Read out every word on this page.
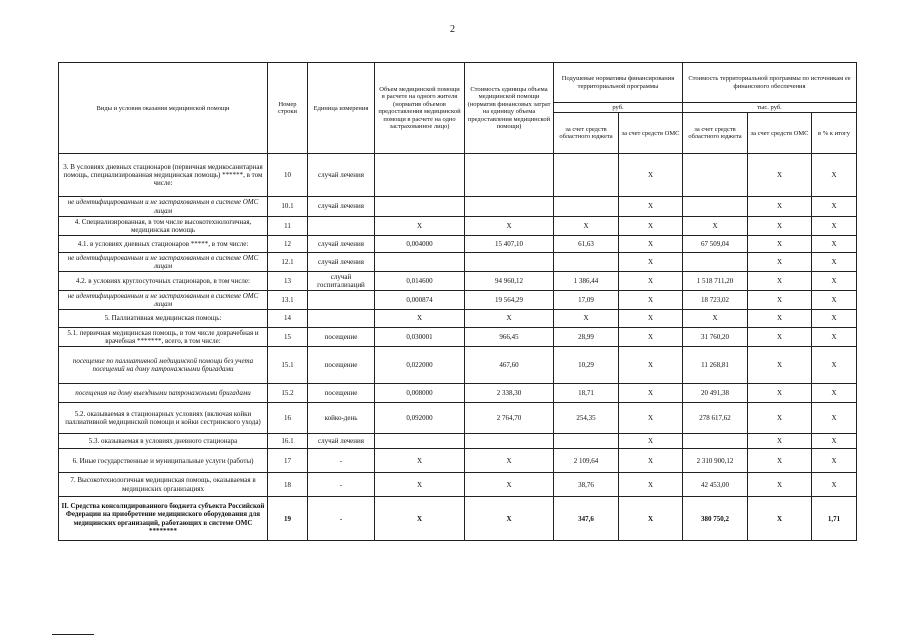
2
Виды и условия оказания медицинской помощи	Номер строки	Единица измерения	Объем медицинской помощи в расчете на одного жителя (норматив объемов предоставления медицинской помощи в расчете на одно застрахованное лицо)	Стоимость единицы объема медицинской помощи (норматив финансовых затрат на единицу объема предоставления медицинской помощи)	Подушевые нормативы финансирования территориальной программы		Стоимость территориальной программы по источникам ее финансового обеспечения		
					руб.		тыс. руб.		
					за счет средств областного юджета	за счет средств ОМС	за счет средств областного юджета	за счет средств ОМС	в % к итогу
3. В условиях дневных стационаров (первичная медикосанитарная помощь, специализированная медицинская помощь) ******, в том числе:	10	случай лечения				X		X	X
не идентифицированным и не застрахованным в системе ОМС лицам	10.1	случай лечения				X		X	X
4. Специализированная, в том числе высокотехнологичная, медицинская помощь	11		X	X	X	X	X	X	X
4.1. в условиях дневных стационаров *****, в том числе:	12	случай лечения	0,004000	15 407,10	61,63	X	67 509,04	X	X
не идентифицированным и не застрахованным в системе ОМС лицам	12.1	случай лечения				X		X	X
4.2. в условиях круглосуточных стационаров, в том числе:	13	случай госпитализаций	0,014600	94 960,12	1 386,44	X	1 518 711,20	X	X
не идентифицированным и не застрахованным в системе ОМС лицам	13.1		0,000874	19 564,29	17,09	X	18 723,02	X	X
5. Паллиативная медицинская помощь:	14		X	X	X	X	X	X	X
5.1. первичная медицинская помощь, в том числе доврачебная и врачебная *******, всего, в том числе:	15	посещение	0,030001	966,45	28,99	X	31 760,20	X	X
посещение по паллиативной медицинской помощи без учета посещений на дому патронажными бригадами	15.1	посещение	0,022000	467,60	10,29	X	11 268,81	X	X
посещения на дому выездными патронажными бригадами	15.2	посещение	0,008000	2 338,30	18,71	X	20 491,38	X	X
5.2. оказываемая в стационарных условиях (включая койки паллиативной медицинской помощи и койки сестринского ухода)	16	койко-день	0,092000	2 764,70	254,35	X	278 617,62	X	X
5.3. оказываемая в условиях дневного стационара	16.1	случай лечения				X		X	X
6. Иные государственные и муниципальные услуги (работы)	17	-	X	X	2 109,64	X	2 310 900,12	X	X
7. Высокотехнологичная медицинская помощь, оказываемая в медицинских организациях	18	-	X	X	38,76	X	42 453,00	X	X
II. Средства консолидированного бюджета субъекта Российской Федерации на приобретение медицинского оборудования для медицинских организаций, работающих в системе ОМС ********	19	-	X	X	347,6	X	380 750,2	X	1,71
